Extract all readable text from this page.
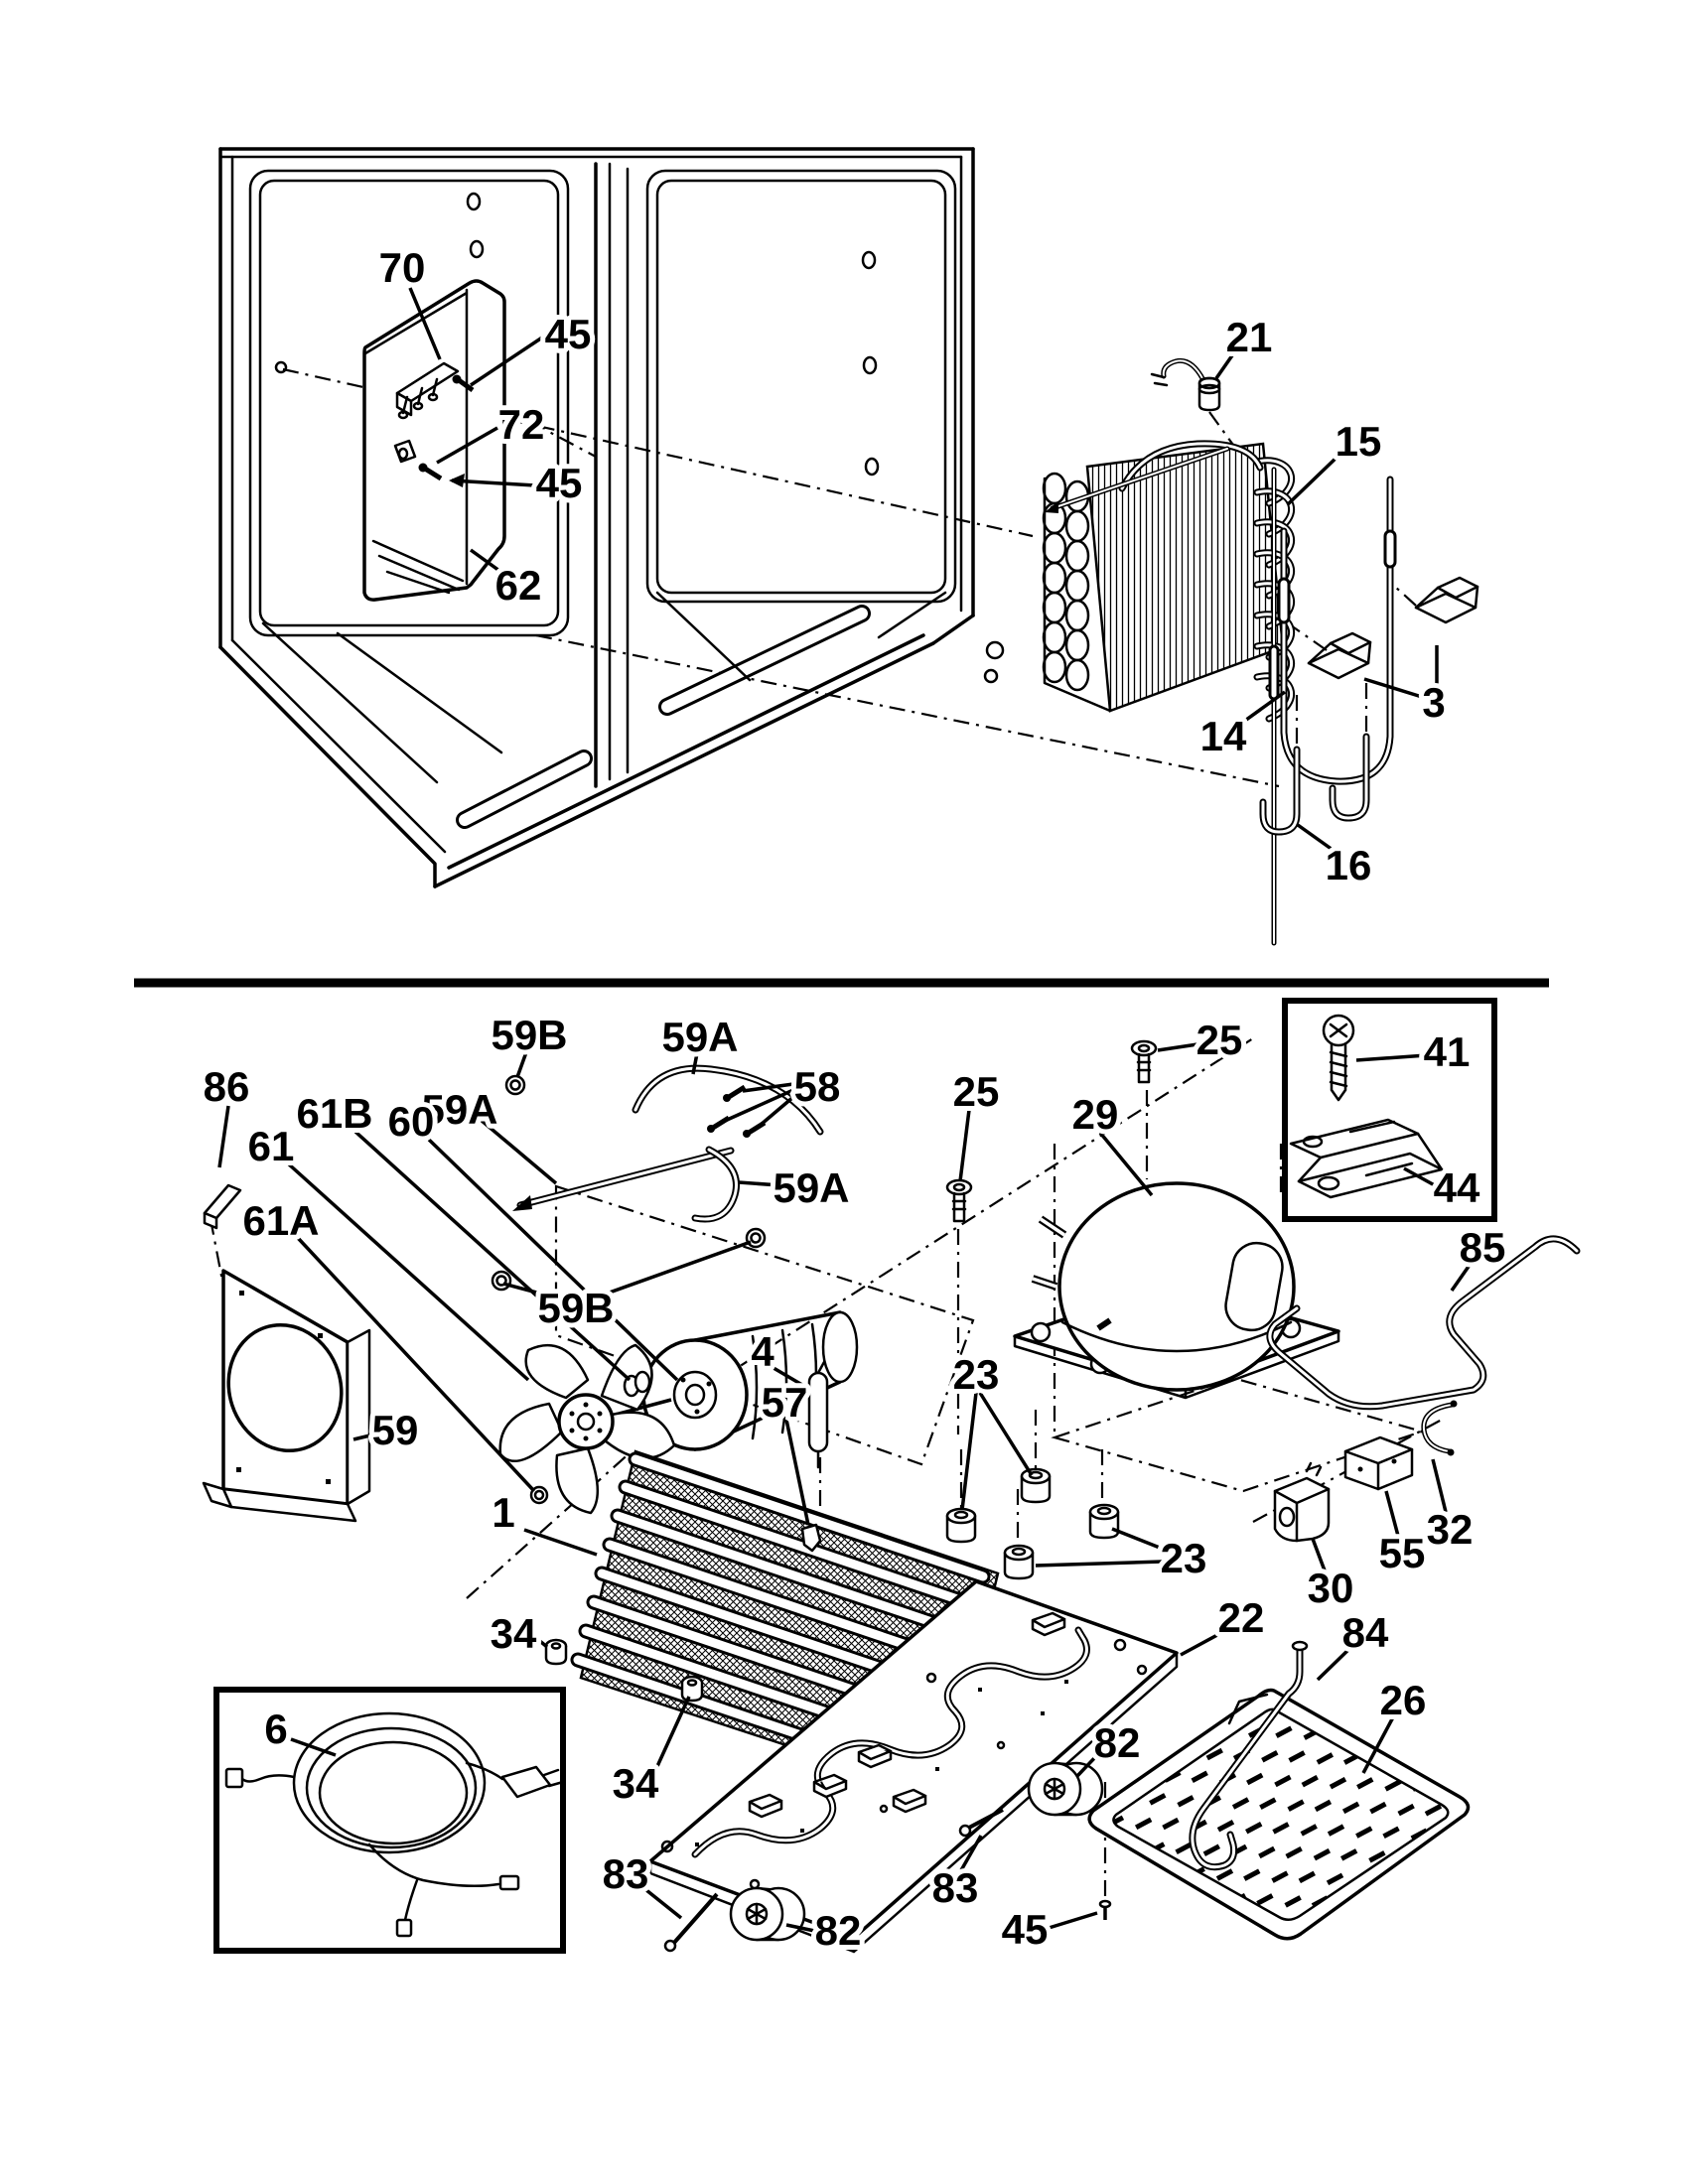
70
45
72
45
62
21
15
14
3
16
86
59B 59A
58
59A
61B 60
61
61A
59A
59B
59
25
25
29
41
44
85
4
57
23
23
1
34
34
30
55
32
22 84
26
6
83
82
83
82
45
